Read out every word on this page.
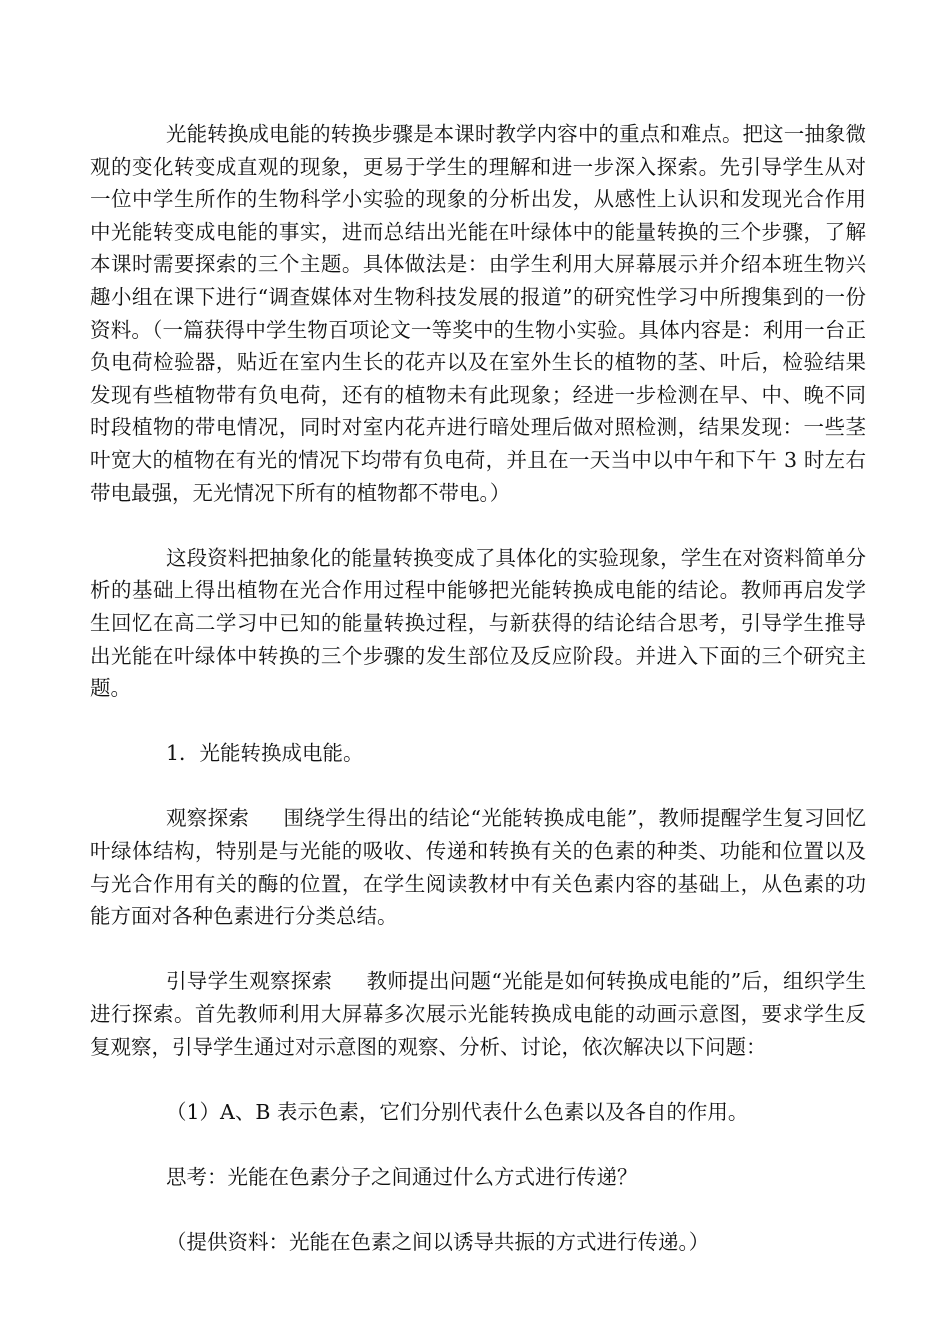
光能转换成电能的转换步骤是本课时教学内容中的重点和难点。把这一抽象微观的变化转变成直观的现象，更易于学生的理解和进一步深入探索。先引导学生从对一位中学生所作的生物科学小实验的现象的分析出发，从感性上认识和发现光合作用中光能转变成电能的事实，进而总结出光能在叶绿体中的能量转换的三个步骤，了解本课时需要探索的三个主题。具体做法是：由学生利用大屏幕展示并介绍本班生物兴趣小组在课下进行“调查媒体对生物科技发展的报道”的研究性学习中所搜集到的一份资料。（一篇获得中学生物百项论文一等奖中的生物小实验。具体内容是：利用一台正负电荷检验器，贴近在室内生长的花卉以及在室外生长的植物的茎、叶后，检验结果发现有些植物带有负电荷，还有的植物未有此现象；经进一步检测在早、中、晚不同时段植物的带电情况，同时对室内花卉进行暗处理后做对照检测，结果发现：一些茎叶宽大的植物在有光的情况下均带有负电荷，并且在一天当中以中午和下午 3 时左右带电最强，无光情况下所有的植物都不带电。）

这段资料把抽象化的能量转换变成了具体化的实验现象，学生在对资料简单分析的基础上得出植物在光合作用过程中能够把光能转换成电能的结论。教师再启发学生回忆在高二学习中已知的能量转换过程，与新获得的结论结合思考，引导学生推导出光能在叶绿体中转换的三个步骤的发生部位及反应阶段。并进入下面的三个研究主题。

1．光能转换成电能。

观察探索 围绕学生得出的结论“光能转换成电能”，教师提醒学生复习回忆叶绿体结构，特别是与光能的吸收、传递和转换有关的色素的种类、功能和位置以及与光合作用有关的酶的位置，在学生阅读教材中有关色素内容的基础上，从色素的功能方面对各种色素进行分类总结。

引导学生观察探索 教师提出问题“光能是如何转换成电能的”后，组织学生进行探索。首先教师利用大屏幕多次展示光能转换成电能的动画示意图，要求学生反复观察，引导学生通过对示意图的观察、分析、讨论，依次解决以下问题：

（1）A、B 表示色素，它们分别代表什么色素以及各自的作用。

思考：光能在色素分子之间通过什么方式进行传递？

（提供资料：光能在色素之间以诱导共振的方式进行传递。）
